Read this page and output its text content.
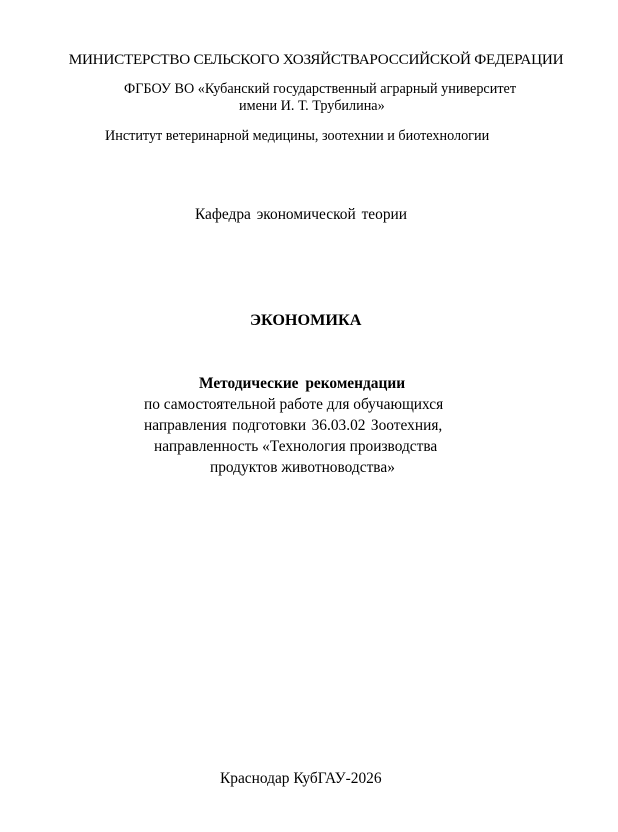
МИНИСТЕРСТВО СЕЛЬСКОГО ХОЗЯЙСТВАРОССИЙСКОЙ ФЕДЕРАЦИИ
ФГБОУ ВО «Кубанский государственный аграрный университет
имени И. Т. Трубилина»
Институт ветеринарной медицины, зоотехнии и биотехнологии
Кафедра экономической теории
ЭКОНОМИКА
Методические рекомендации
по самостоятельной работе для обучающихся
направления подготовки 36.03.02 Зоотехния,
направленность «Технология производства
продуктов животноводства»
Краснодар КубГАУ-2026
